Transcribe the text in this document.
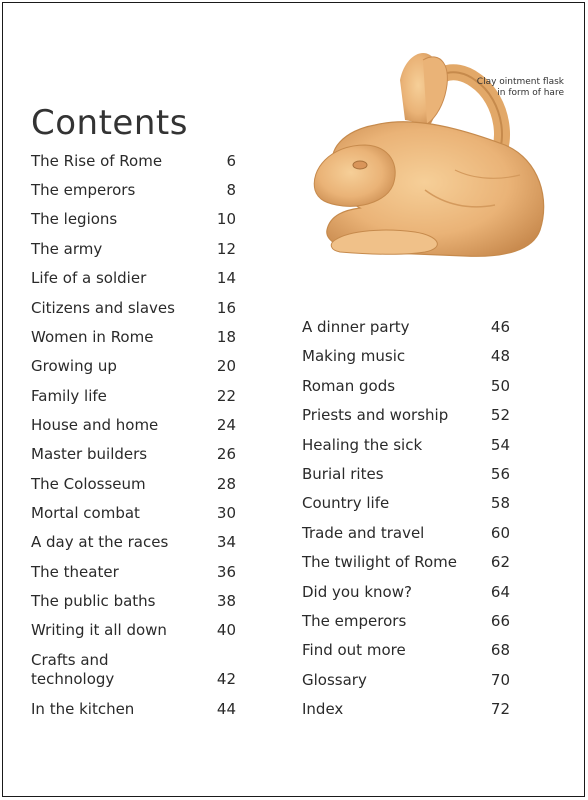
Contents
Clay ointment flask in form of hare
The Rise of Rome	6
The emperors	8
The legions	10
The army	12
Life of a soldier	14
Citizens and slaves	16
Women in Rome	18
Growing up	20
Family life	22
House and home	24
Master builders	26
The Colosseum	28
Mortal combat	30
A day at the races	34
The theater	36
The public baths	38
Writing it all down	40
Crafts and
technology	42
In the kitchen	44
A dinner party	46
Making music	48
Roman gods	50
Priests and worship	52
Healing the sick	54
Burial rites	56
Country life	58
Trade and travel	60
The twilight of Rome 62
Did you know?	64
The emperors	66
Find out more	68
Glossary	70
Index	72
